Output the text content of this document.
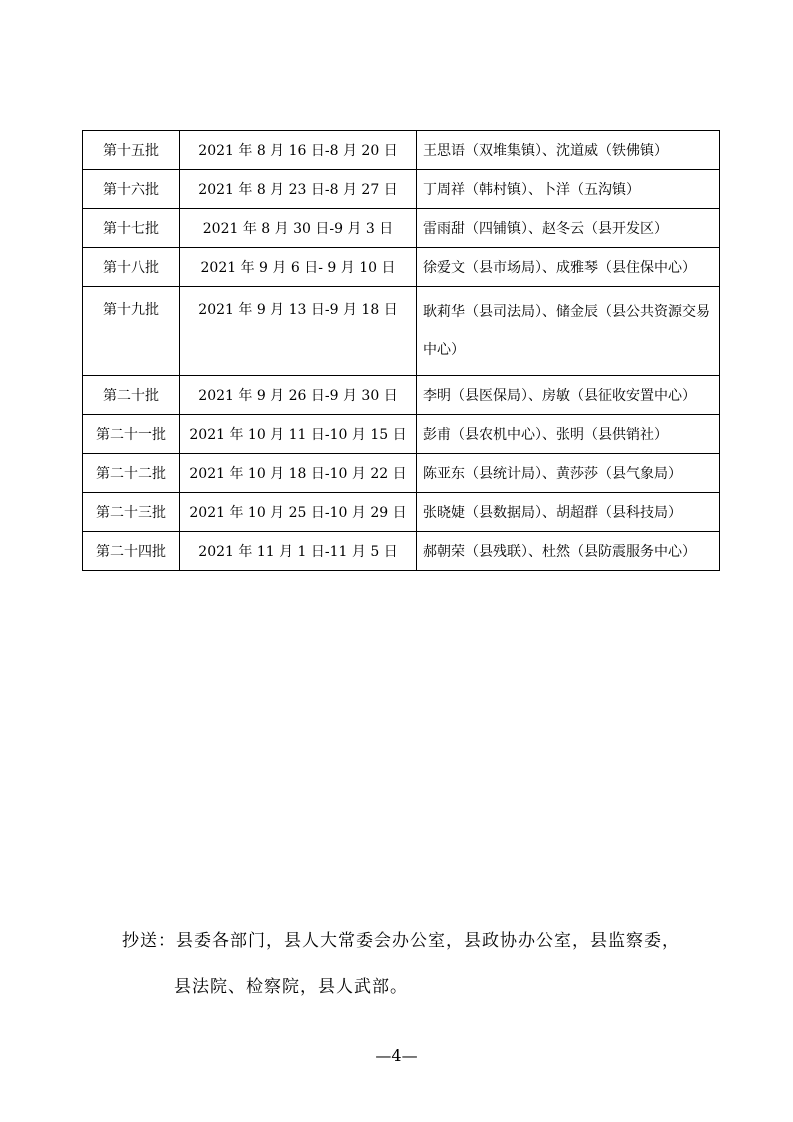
第十五批	2021 年 8 月 16 日-8 月 20 日	王思语（双堆集镇）、沈道威（铁佛镇）
第十六批	2021 年 8 月 23 日-8 月 27 日	丁周祥（韩村镇）、卜洋（五沟镇）
第十七批	2021 年 8 月 30 日-9 月 3 日	雷雨甜（四铺镇）、赵冬云（县开发区）
第十八批	2021 年 9 月 6 日- 9 月 10 日	徐爱文（县市场局）、成雅琴（县住保中心）
第十九批	2021 年 9 月 13 日-9 月 18 日	耿莉华（县司法局）、储金辰（县公共资源交易中心）
第二十批	2021 年 9 月 26 日-9 月 30 日	李明（县医保局）、房敏（县征收安置中心）
第二十一批	2021 年 10 月 11 日-10 月 15 日	彭甫（县农机中心）、张明（县供销社）
第二十二批	2021 年 10 月 18 日-10 月 22 日	陈亚东（县统计局）、黄莎莎（县气象局）
第二十三批	2021 年 10 月 25 日-10 月 29 日	张晓婕（县数据局）、胡超群（县科技局）
第二十四批	2021 年 11 月 1 日-11 月 5 日	郝朝荣（县残联）、杜然（县防震服务中心）
抄送：县委各部门，县人大常委会办公室，县政协办公室，县监察委，
县法院、检察院，县人武部。
—4—
